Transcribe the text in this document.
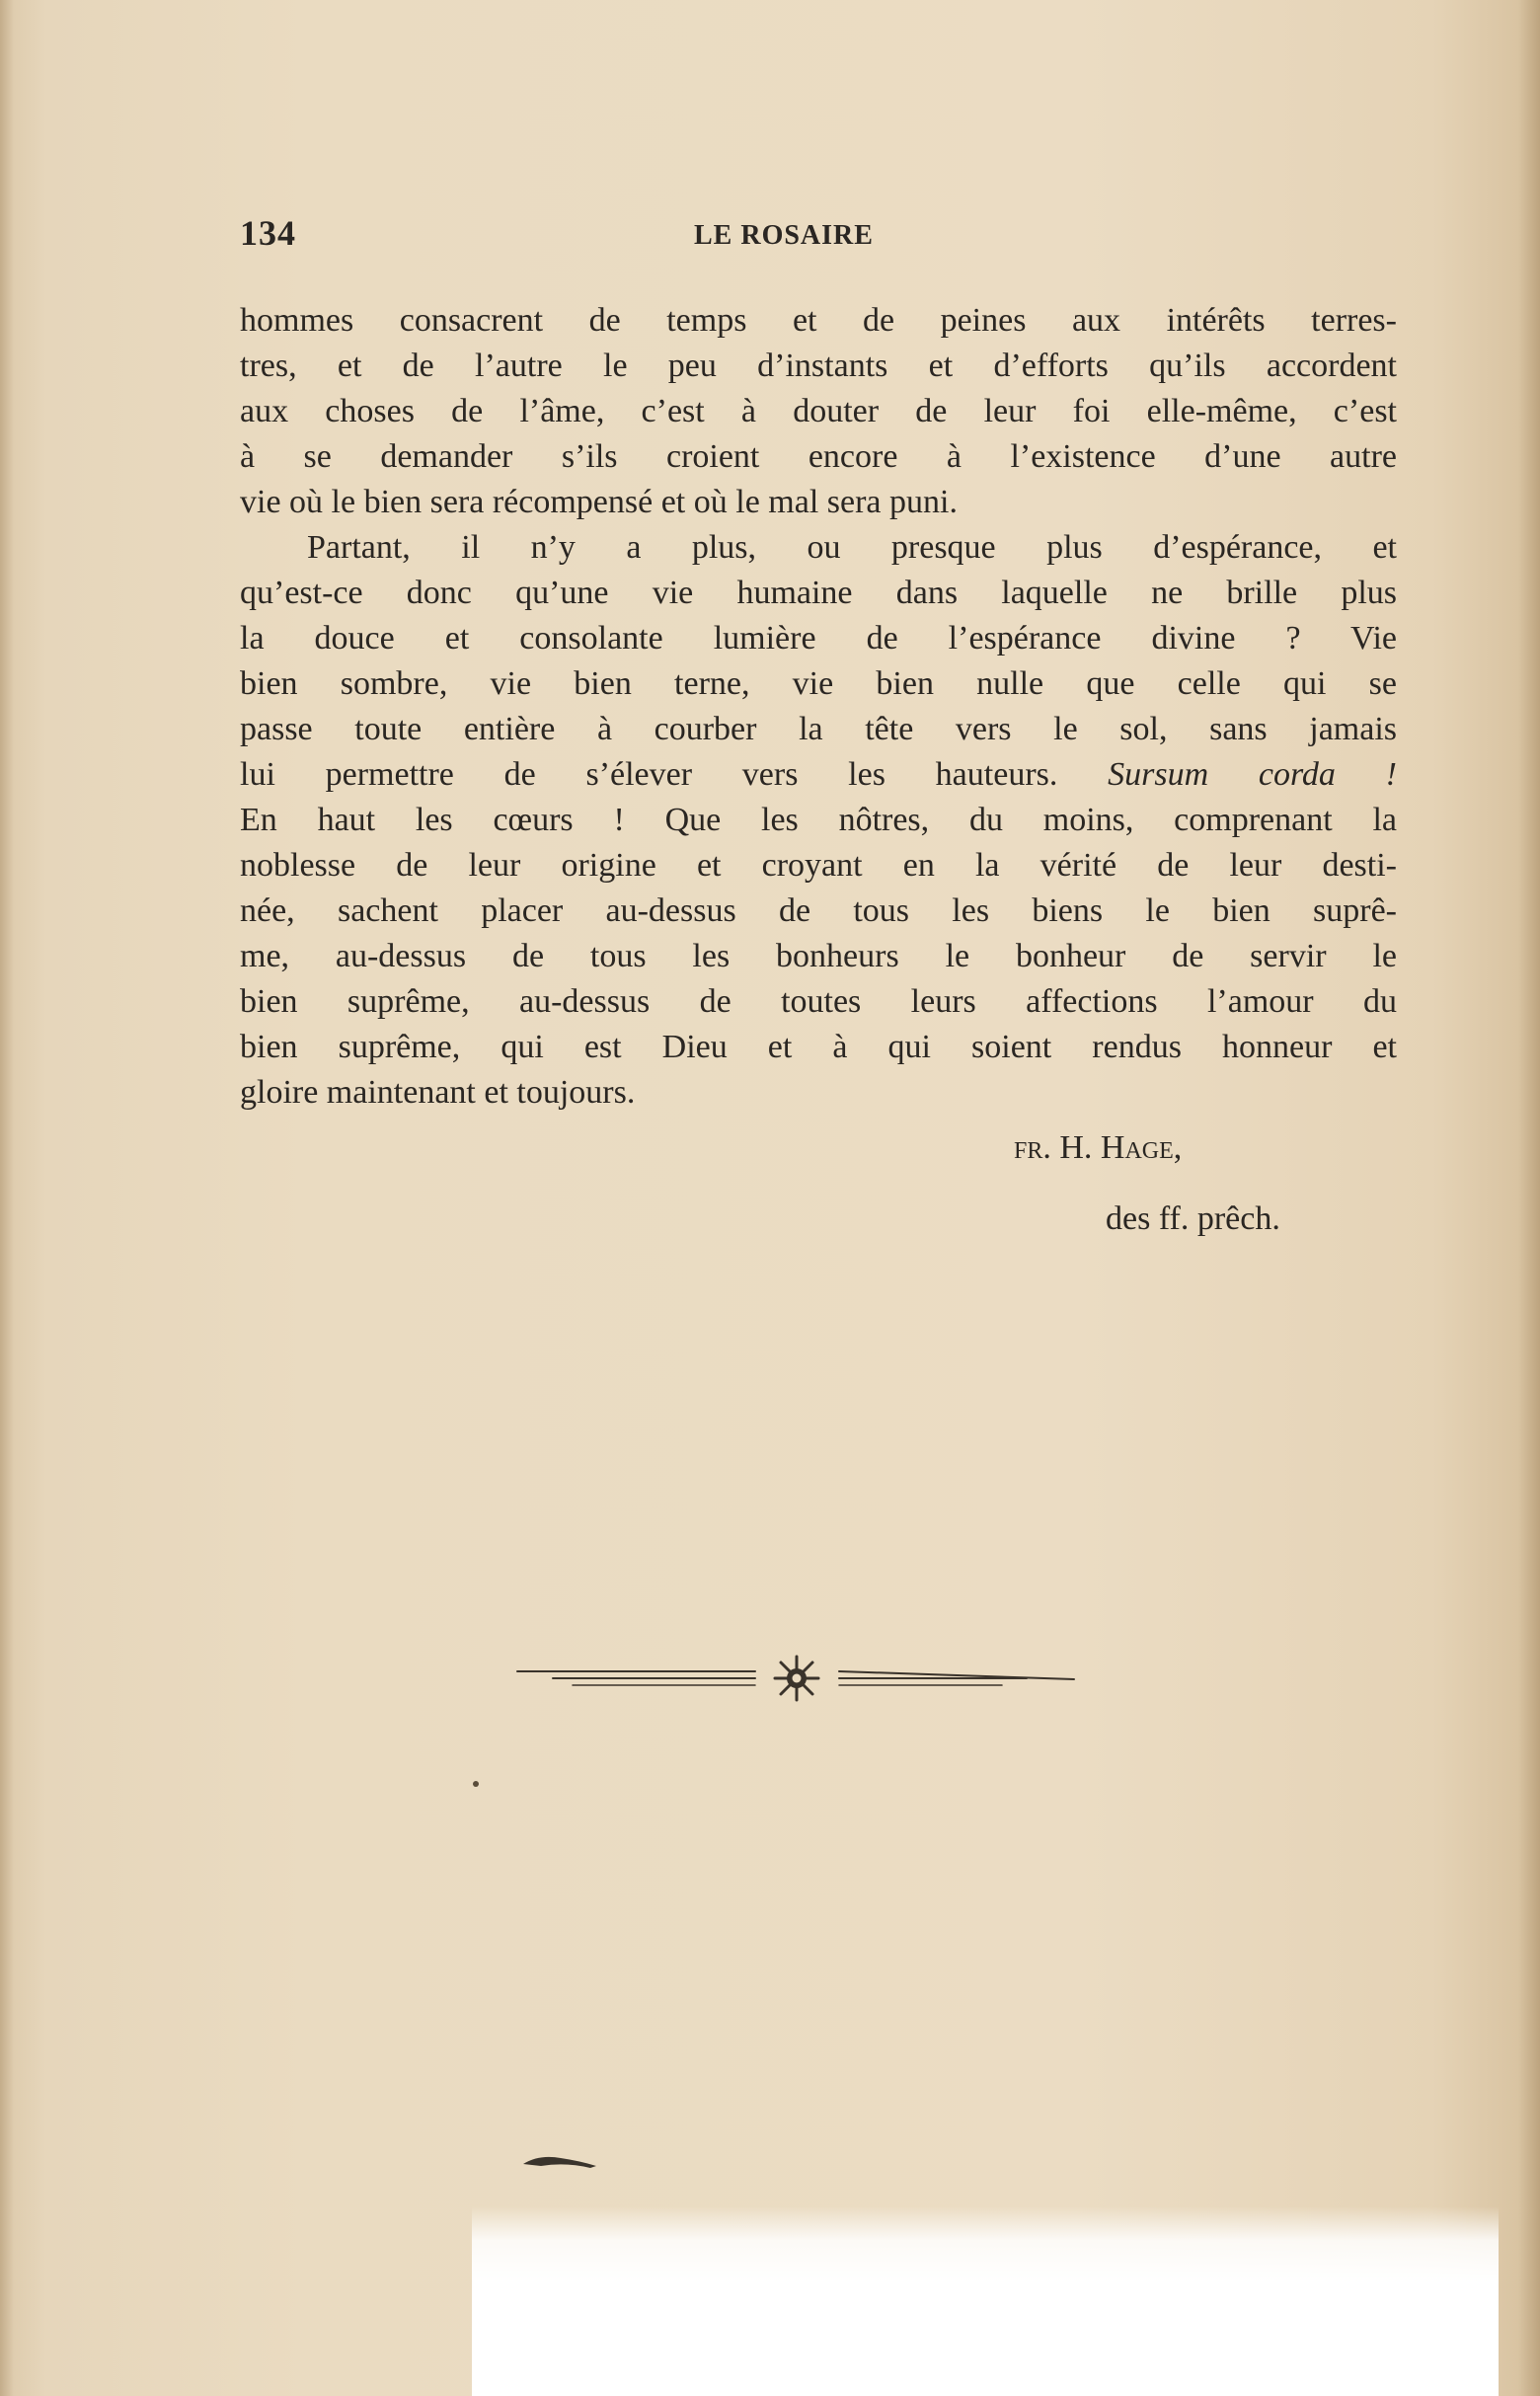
134	LE ROSAIRE
hommes consacrent de temps et de peines aux intérêts terres-
tres, et de l’autre le peu d’instants et d’efforts qu’ils accordent
aux choses de l’âme, c’est à douter de leur foi elle-même, c’est
à se demander s’ils croient encore à l’existence d’une autre
vie où le bien sera récompensé et où le mal sera puni.
Partant, il n’y a plus, ou presque plus d’espérance, et
qu’est-ce donc qu’une vie humaine dans laquelle ne brille plus
la douce et consolante lumière de l’espérance divine ? Vie
bien sombre, vie bien terne, vie bien nulle que celle qui se
passe toute entière à courber la tête vers le sol, sans jamais
lui permettre de s’élever vers les hauteurs. Sursum corda !
En haut les cœurs ! Que les nôtres, du moins, comprenant la
noblesse de leur origine et croyant en la vérité de leur desti-
née, sachent placer au-dessus de tous les biens le bien suprê-
me, au-dessus de tous les bonheurs le bonheur de servir le
bien suprême, au-dessus de toutes leurs affections l’amour du
bien suprême, qui est Dieu et à qui soient rendus honneur et
gloire maintenant et toujours.
fr. H. Hage,
des ff. prêch.
